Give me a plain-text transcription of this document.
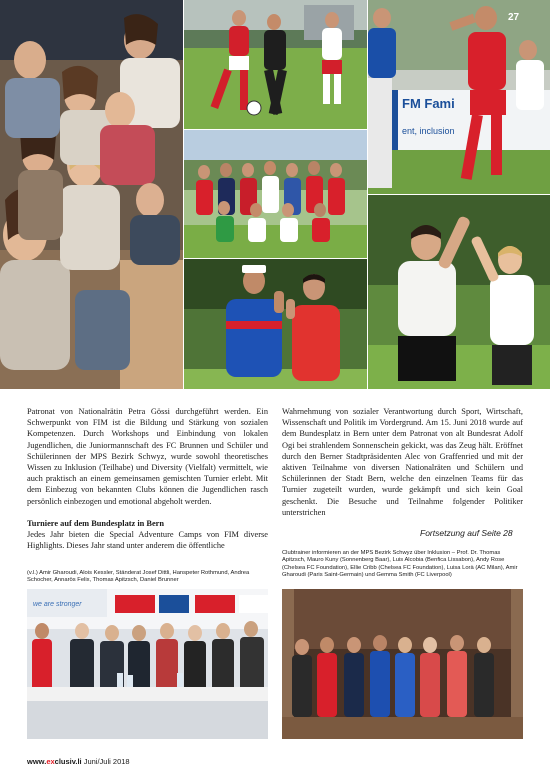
FM Fami
ent, inclusion
27

Patronat von Nationalrätin Petra Gössi durchgeführt werden. Ein Schwerpunkt von FIM ist die Bildung und Stärkung von sozialen Kompetenzen. Durch Workshops und Einbindung von lokalen Jugendlichen, die Juniormannschaft des FC Brunnen und Schüler und Schülerinnen der MPS Bezirk Schwyz, wurde sowohl theoretisches Wissen zu Inklusion (Teilhabe) und Diversity (Vielfalt) vermittelt, wie auch praktisch an einem gemeinsamen gemischten Turnier erlebt. Mit dem Einbezug von bekannten Clubs können die Jugendlichen rasch persönlich einbezogen und emotional abgeholt werden.

Turniere auf dem Bundesplatz in Bern

Jedes Jahr bieten die Special Adventure Camps von FIM diverse Highlights. Dieses Jahr stand unter anderem die öffentliche

Wahrnehmung von sozialer Verantwortung durch Sport, Wirtschaft, Wissenschaft und Politik im Vordergrund. Am 15. Juni 2018 wurde auf dem Bundesplatz in Bern unter dem Patronat von alt Bundesrat Adolf Ogi bei strahlendem Sonnenschein gekickt, was das Zeug hält. Eröffnet durch den Berner Stadtpräsidenten Alec von Graffenried und mit der aktiven Teilnahme von diversen Nationalräten und Schülern und Schülerinnen der Stadt Bern, welche den einzelnen Teams für das Turnier zugeteilt wurden, wurde gekämpft und sich kein Goal geschenkt. Die Besuche und Teilnahme folgender Politiker unterstrichen

Fortsetzung auf Seite 28
(v.l.) Amir Gharoudi, Alois Kessler, Ständerat Josef Dittli, Hanspeter Rothmund, Andrea Schocher, Annarös Felix, Thomas Apitzsch, Daniel Brunner
Clubtrainer informieren an der MPS Bezirk Schwyz über Inklusion – Prof. Dr. Thomas Apitzsch, Mauro Kuny (Sonnenberg Baar), Luis Alcobia (Benfica Lissabon), Andy Rose (Chelsea FC Foundation), Ellie Cribb (Chelsea FC Foundation), Luisa Lorà (AC Milan), Amir Gharoudi (Paris Saint-Germain) und Gemma Smith (FC Liverpool)
we are stronger
www.exclusiv.li Juni/Juli 2018
